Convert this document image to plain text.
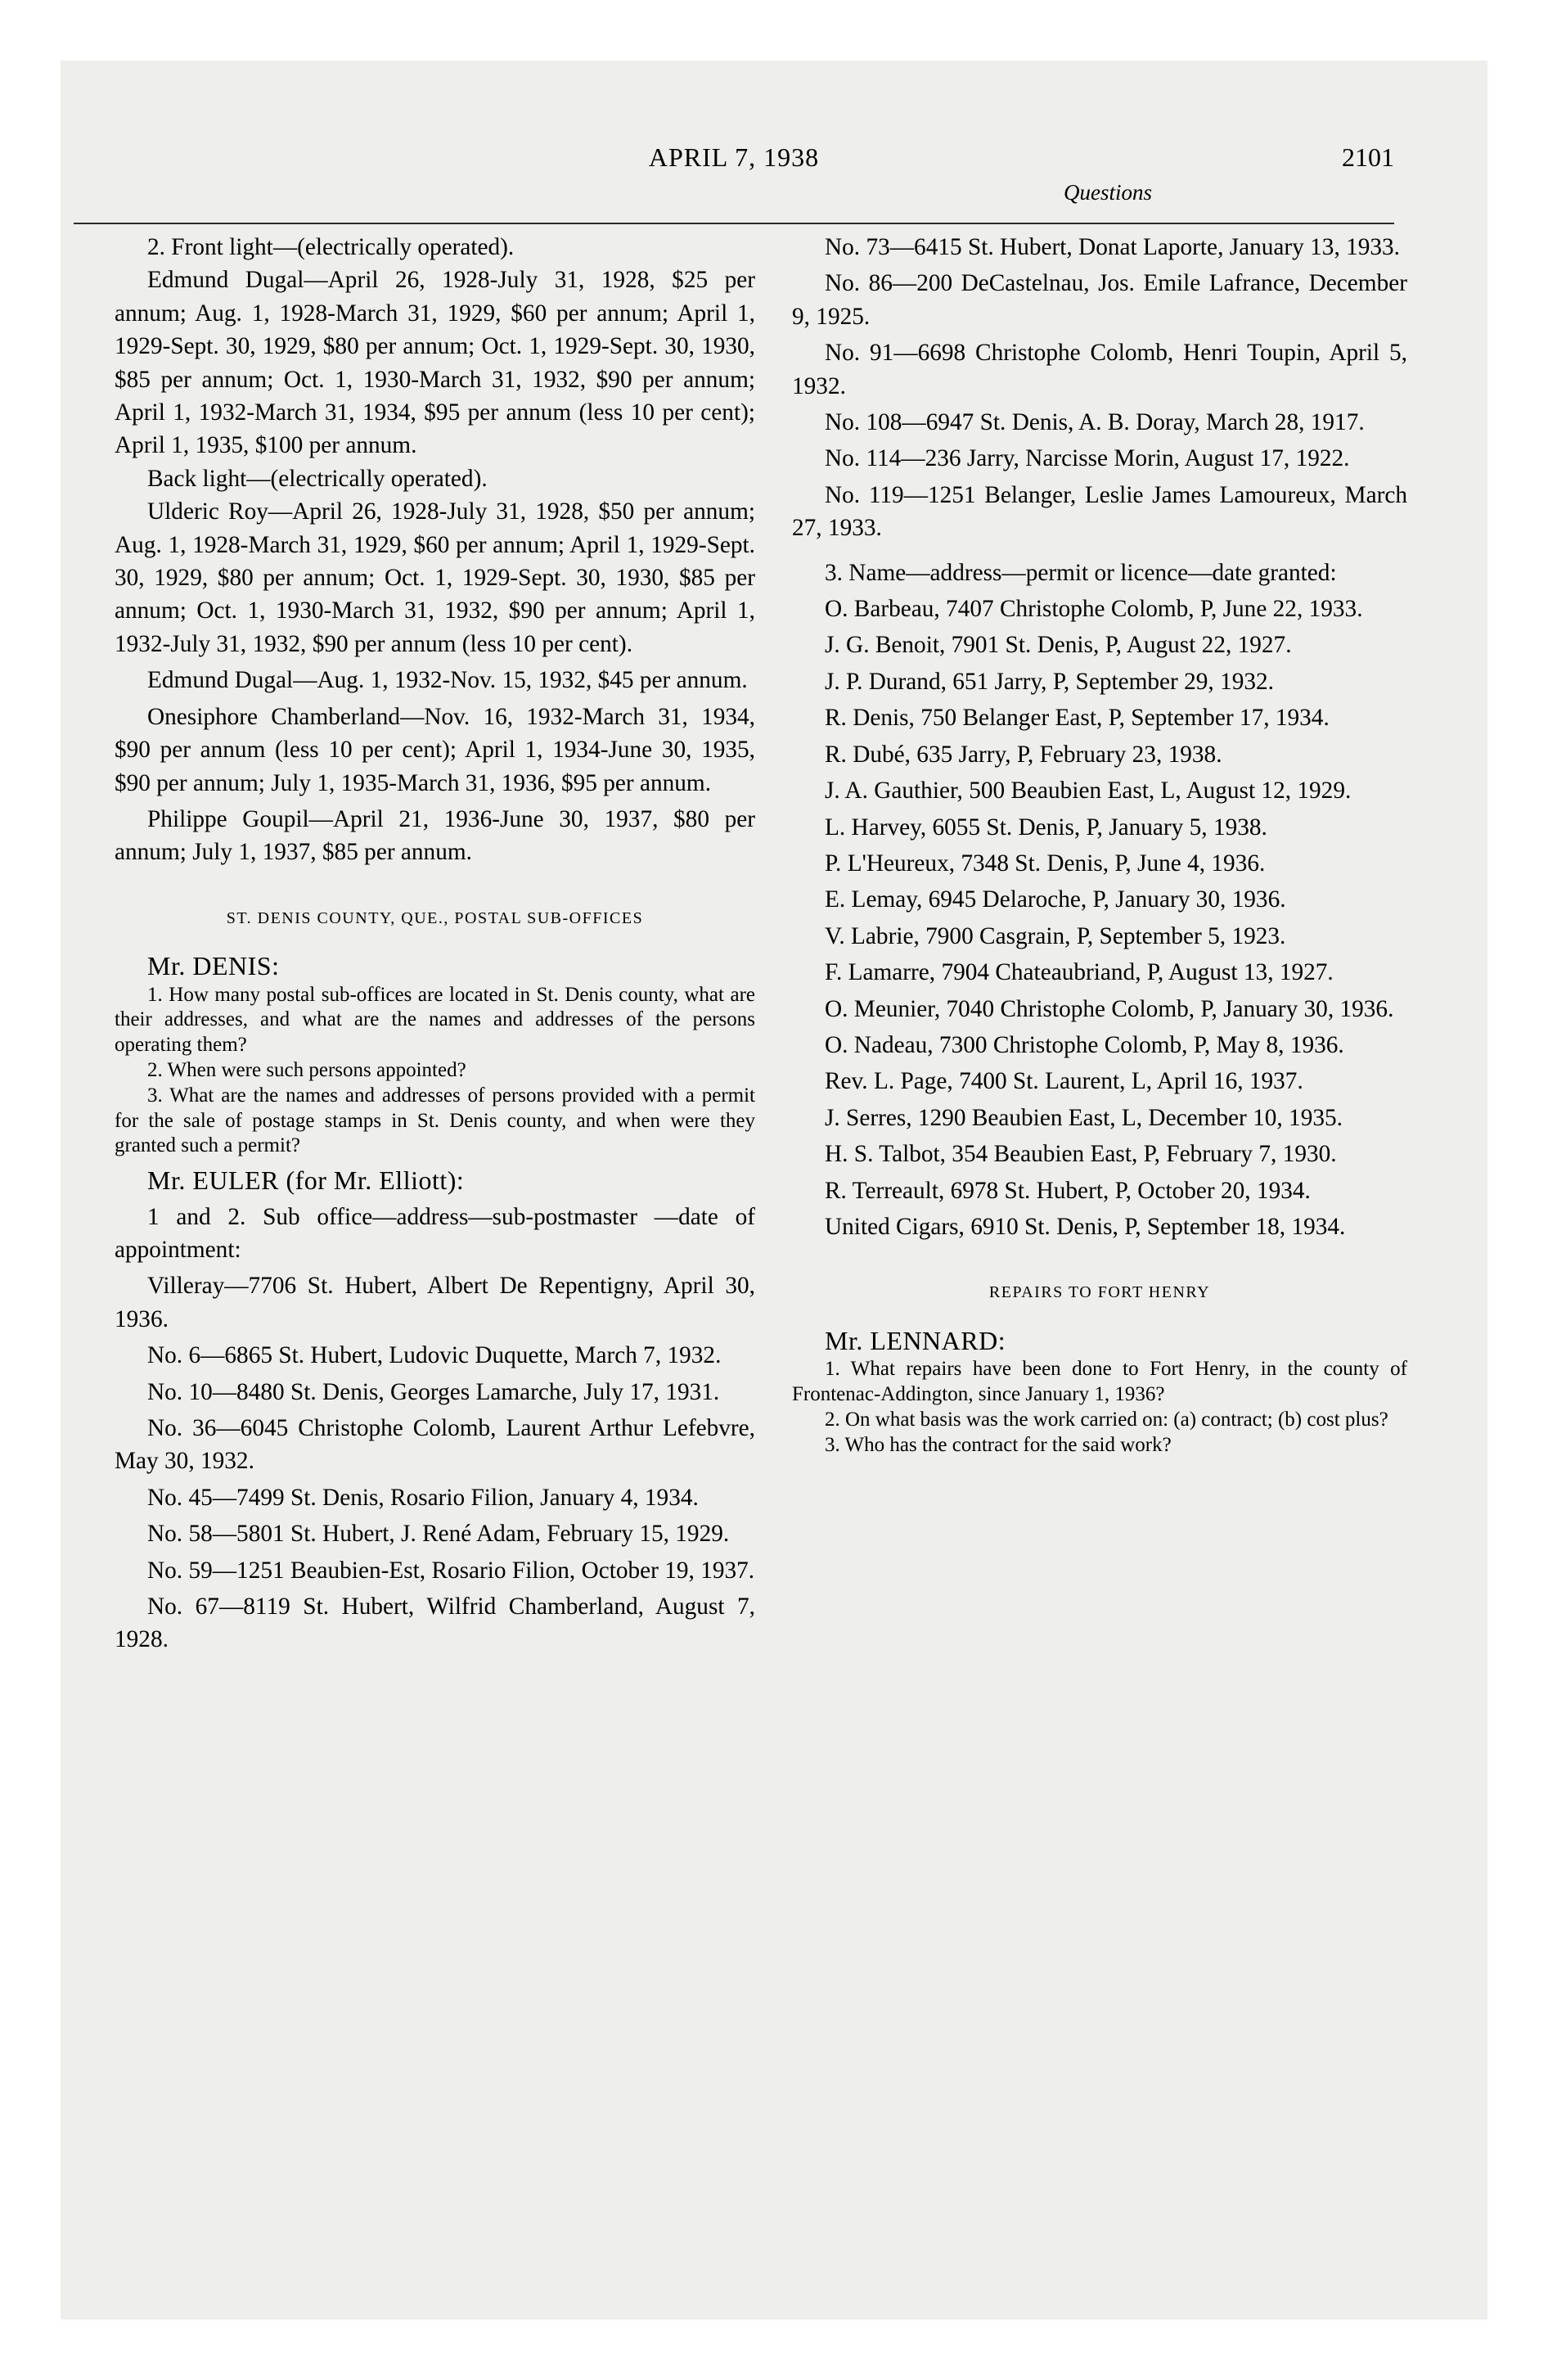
APRIL 7, 1938	2101
Questions

2. Front light—(electrically operated).

Edmund Dugal—April 26, 1928-July 31, 1928, $25 per annum; Aug. 1, 1928-March 31, 1929, $60 per annum; April 1, 1929-Sept. 30, 1929, $80 per annum; Oct. 1, 1929-Sept. 30, 1930, $85 per annum; Oct. 1, 1930-March 31, 1932, $90 per annum; April 1, 1932-March 31, 1934, $95 per annum (less 10 per cent); April 1, 1935, $100 per annum.

Back light—(electrically operated).

Ulderic Roy—April 26, 1928-July 31, 1928, $50 per annum; Aug. 1, 1928-March 31, 1929, $60 per annum; April 1, 1929-Sept. 30, 1929, $80 per annum; Oct. 1, 1929-Sept. 30, 1930, $85 per annum; Oct. 1, 1930-March 31, 1932, $90 per annum; April 1, 1932-July 31, 1932, $90 per annum (less 10 per cent).

Edmund Dugal—Aug. 1, 1932-Nov. 15, 1932, $45 per annum.

Onesiphore Chamberland—Nov. 16, 1932-March 31, 1934, $90 per annum (less 10 per cent); April 1, 1934-June 30, 1935, $90 per annum; July 1, 1935-March 31, 1936, $95 per annum.

Philippe Goupil—April 21, 1936-June 30, 1937, $80 per annum; July 1, 1937, $85 per annum.

ST. DENIS COUNTY, QUE., POSTAL SUB-OFFICES

Mr. DENIS:

1. How many postal sub-offices are located in St. Denis county, what are their addresses, and what are the names and addresses of the persons operating them?

2. When were such persons appointed?

3. What are the names and addresses of persons provided with a permit for the sale of postage stamps in St. Denis county, and when were they granted such a permit?

Mr. EULER (for Mr. Elliott):

1 and 2. Sub office—address—sub-postmaster —date of appointment:

Villeray—7706 St. Hubert, Albert De Repentigny, April 30, 1936.

No. 6—6865 St. Hubert, Ludovic Duquette, March 7, 1932.

No. 10—8480 St. Denis, Georges Lamarche, July 17, 1931.

No. 36—6045 Christophe Colomb, Laurent Arthur Lefebvre, May 30, 1932.

No. 45—7499 St. Denis, Rosario Filion, January 4, 1934.

No. 58—5801 St. Hubert, J. René Adam, February 15, 1929.

No. 59—1251 Beaubien-Est, Rosario Filion, October 19, 1937.

No. 67—8119 St. Hubert, Wilfrid Chamberland, August 7, 1928.

No. 73—6415 St. Hubert, Donat Laporte, January 13, 1933.

No. 86—200 DeCastelnau, Jos. Emile Lafrance, December 9, 1925.

No. 91—6698 Christophe Colomb, Henri Toupin, April 5, 1932.

No. 108—6947 St. Denis, A. B. Doray, March 28, 1917.

No. 114—236 Jarry, Narcisse Morin, August 17, 1922.

No. 119—1251 Belanger, Leslie James Lamoureux, March 27, 1933.

3. Name—address—permit or licence—date granted:

O. Barbeau, 7407 Christophe Colomb, P, June 22, 1933.

J. G. Benoit, 7901 St. Denis, P, August 22, 1927.

J. P. Durand, 651 Jarry, P, September 29, 1932.

R. Denis, 750 Belanger East, P, September 17, 1934.

R. Dubé, 635 Jarry, P, February 23, 1938.

J. A. Gauthier, 500 Beaubien East, L, August 12, 1929.

L. Harvey, 6055 St. Denis, P, January 5, 1938.

P. L'Heureux, 7348 St. Denis, P, June 4, 1936.

E. Lemay, 6945 Delaroche, P, January 30, 1936.

V. Labrie, 7900 Casgrain, P, September 5, 1923.

F. Lamarre, 7904 Chateaubriand, P, August 13, 1927.

O. Meunier, 7040 Christophe Colomb, P, January 30, 1936.

O. Nadeau, 7300 Christophe Colomb, P, May 8, 1936.

Rev. L. Page, 7400 St. Laurent, L, April 16, 1937.

J. Serres, 1290 Beaubien East, L, December 10, 1935.

H. S. Talbot, 354 Beaubien East, P, February 7, 1930.

R. Terreault, 6978 St. Hubert, P, October 20, 1934.

United Cigars, 6910 St. Denis, P, September 18, 1934.

REPAIRS TO FORT HENRY

Mr. LENNARD:

1. What repairs have been done to Fort Henry, in the county of Frontenac-Addington, since January 1, 1936?

2. On what basis was the work carried on: (a) contract; (b) cost plus?

3. Who has the contract for the said work?
